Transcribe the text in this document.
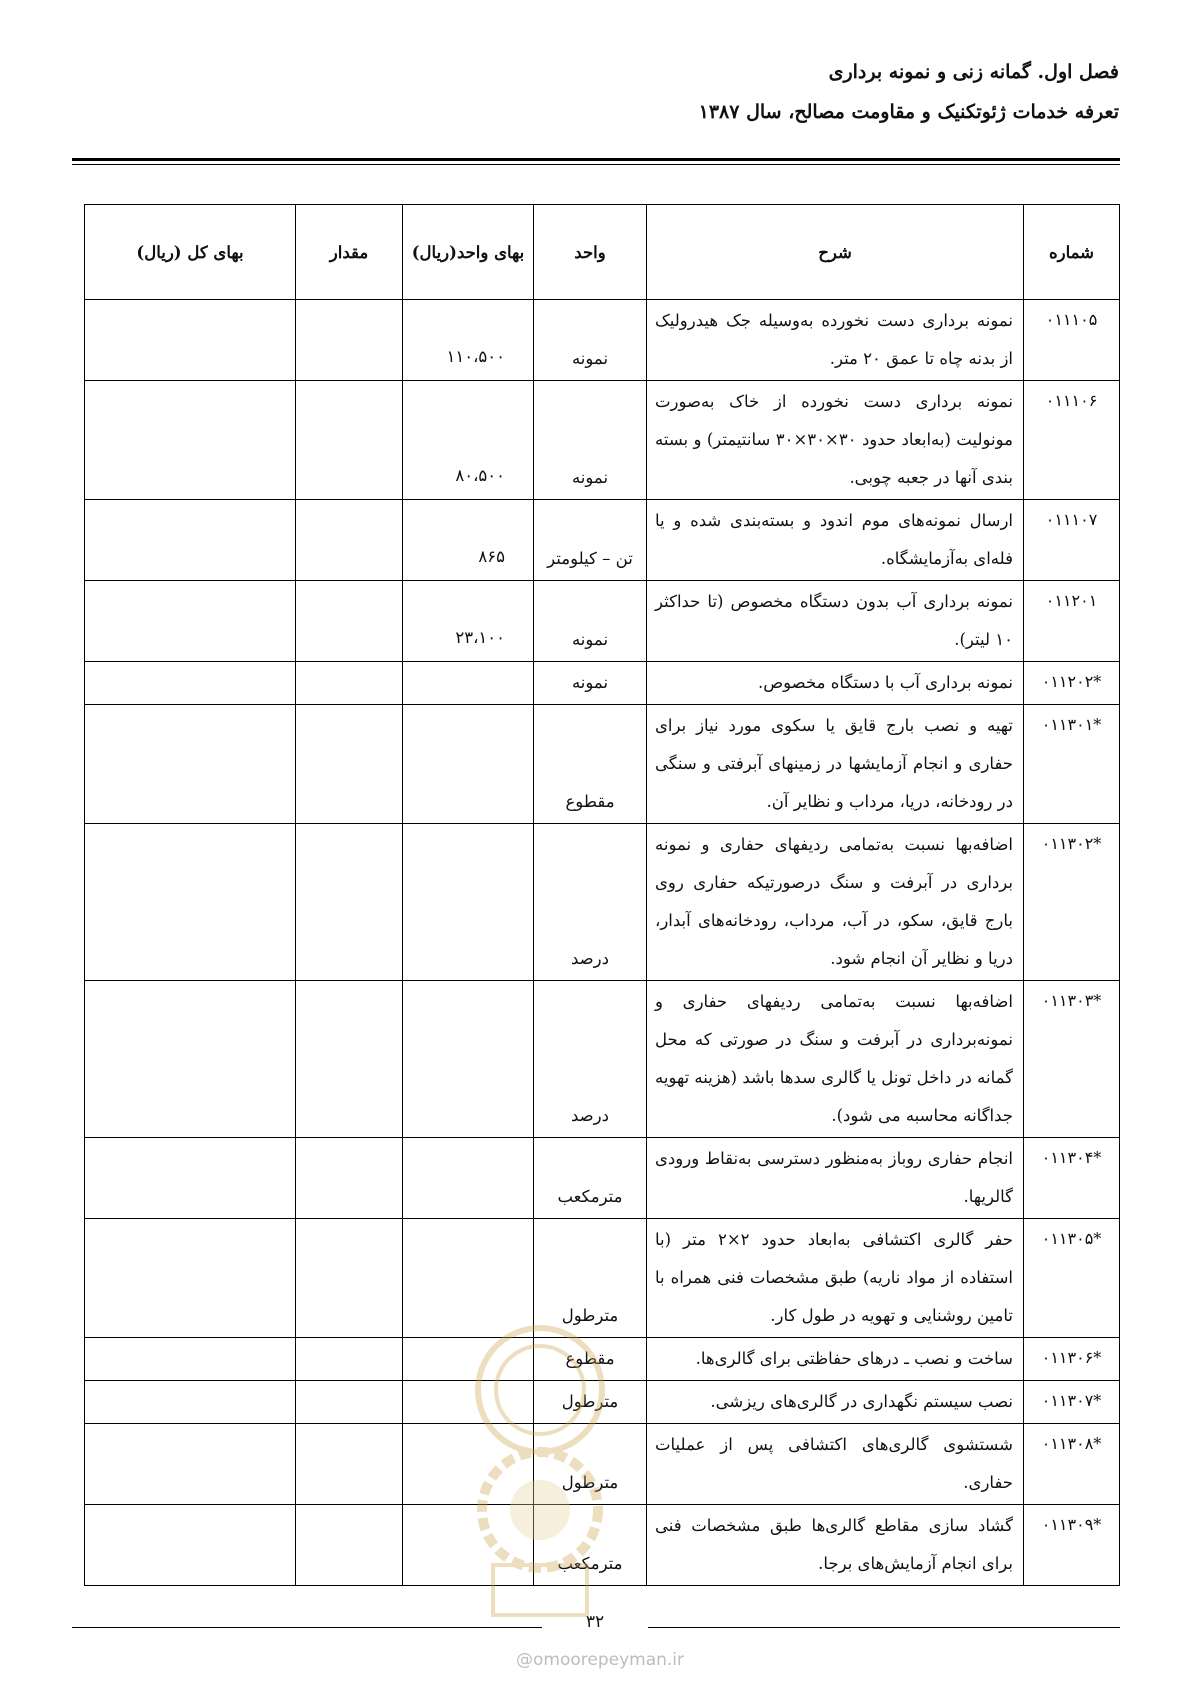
فصل اول. گمانه زنی و نمونه برداری
تعرفه خدمات ژئوتکنیک و مقاومت مصالح، سال ۱۳۸۷
شماره	شرح	واحد	بهای واحد(ریال)	مقدار	بهای کل (ریال)
۰۱۱۱۰۵	نمونه برداری دست نخورده به‌وسیله جک هیدرولیک از بدنه چاه تا عمق ۲۰ متر.	نمونه	۱۱۰،۵۰۰		
۰۱۱۱۰۶	نمونه برداری دست نخورده از خاک به‌صورت مونولیت (به‌ابعاد حدود ۳۰×۳۰×۳۰ سانتیمتر) و بسته بندی آنها در جعبه چوبی.	نمونه	۸۰،۵۰۰		
۰۱۱۱۰۷	ارسال نمونه‌های موم اندود و بسته‌بندی شده و یا فله‌ای به‌آزمایشگاه.	تن – کیلومتر	۸۶۵		
۰۱۱۲۰۱	نمونه برداری آب بدون دستگاه مخصوص (تا حداکثر ۱۰ لیتر).	نمونه	۲۳،۱۰۰		
*۰۱۱۲۰۲	نمونه برداری آب با دستگاه مخصوص.	نمونه			
*۰۱۱۳۰۱	تهیه و نصب بارج قایق یا سکوی مورد نیاز برای حفاری و انجام آزمایشها در زمینهای آبرفتی و سنگی در رودخانه، دریا، مرداب و نظایر آن.	مقطوع			
*۰۱۱۳۰۲	اضافه‌بها نسبت به‌تمامی ردیفهای حفاری و نمونه برداری در آبرفت و سنگ درصورتیکه حفاری روی بارج قایق، سکو، در آب، مرداب، رودخانه‌های آبدار، دریا و نظایر آن انجام شود.	درصد			
*۰۱۱۳۰۳	اضافه‌بها نسبت به‌تمامی ردیفهای حفاری و نمونه‌برداری در آبرفت و سنگ در صورتی که محل گمانه در داخل تونل یا گالری سدها باشد (هزینه تهویه جداگانه محاسبه می شود).	درصد			
*۰۱۱۳۰۴	انجام حفاری روباز به‌منظور دسترسی به‌نقاط ورودی گالریها.	مترمکعب			
*۰۱۱۳۰۵	حفر گالری اکتشافی به‌ابعاد حدود ۲×۲ متر (با استفاده از مواد ناریه) طبق مشخصات فنی همراه با تامین روشنایی و تهویه در طول کار.	مترطول			
*۰۱۱۳۰۶	ساخت و نصب ـ درهای حفاظتی برای گالری‌ها.	مقطوع			
*۰۱۱۳۰۷	نصب سیستم نگهداری در گالری‌های ریزشی.	مترطول			
*۰۱۱۳۰۸	شستشوی گالری‌های اکتشافی پس از عملیات حفاری.	مترطول			
*۰۱۱۳۰۹	گشاد سازی مقاطع گالری‌ها طبق مشخصات فنی برای انجام آزمایش‌های برجا.	مترمکعب			
۳۲
@omoorepeyman.ir
